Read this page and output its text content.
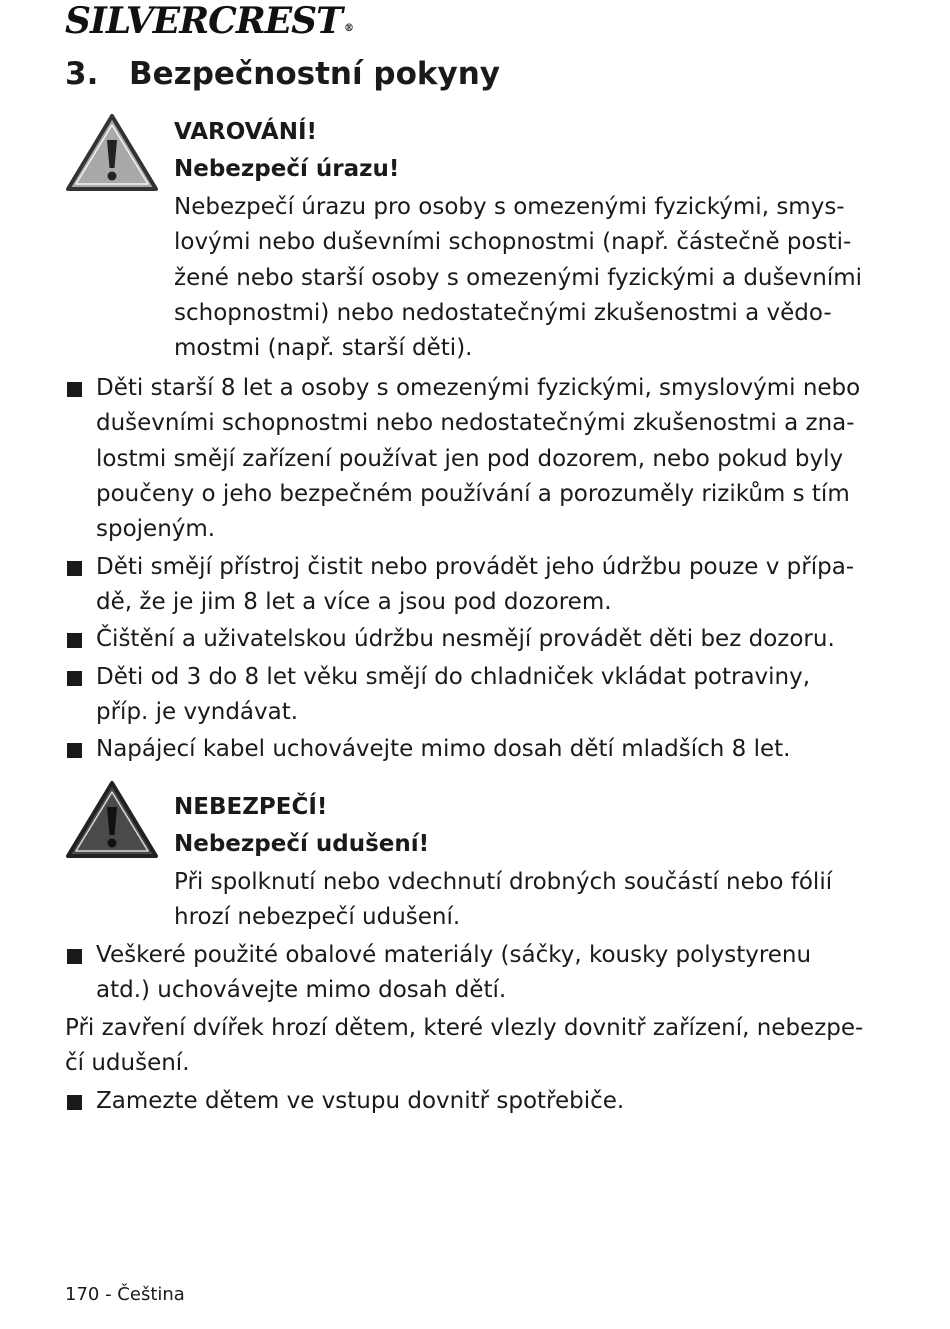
SILVERCREST ®
3. Bezpečnostní pokyny
VAROVÁNÍ!
Nebezpečí úrazu!

Nebezpečí úrazu pro osoby s omezenými fyzickými, smys-
lovými nebo duševními schopnostmi (např. částečně posti-
žené nebo starší osoby s omezenými fyzickými a duševními
schopnostmi) nebo nedostatečnými zkušenostmi a vědo-
mostmi (např. starší děti).

Děti starší 8 let a osoby s omezenými fyzickými, smyslovými nebo
duševními schopnostmi nebo nedostatečnými zkušenostmi a zna-
lostmi smějí zařízení používat jen pod dozorem, nebo pokud byly
poučeny o jeho bezpečném používání a porozuměly rizikům s tím
spojeným.

Děti smějí přístroj čistit nebo provádět jeho údržbu pouze v přípa-
dě, že je jim 8 let a více a jsou pod dozorem.

Čištění a uživatelskou údržbu nesmějí provádět děti bez dozoru.

Děti od 3 do 8 let věku smějí do chladniček vkládat potraviny,
příp. je vyndávat.

Napájecí kabel uchovávejte mimo dosah dětí mladších 8 let.

NEBEZPEČÍ!
Nebezpečí udušení!

Při spolknutí nebo vdechnutí drobných součástí nebo fólií
hrozí nebezpečí udušení.

Veškeré použité obalové materiály (sáčky, kousky polystyrenu
atd.) uchovávejte mimo dosah dětí.

Při zavření dvířek hrozí dětem, které vlezly dovnitř zařízení, nebezpe-
čí udušení.

Zamezte dětem ve vstupu dovnitř spotřebiče.

170 - Čeština
